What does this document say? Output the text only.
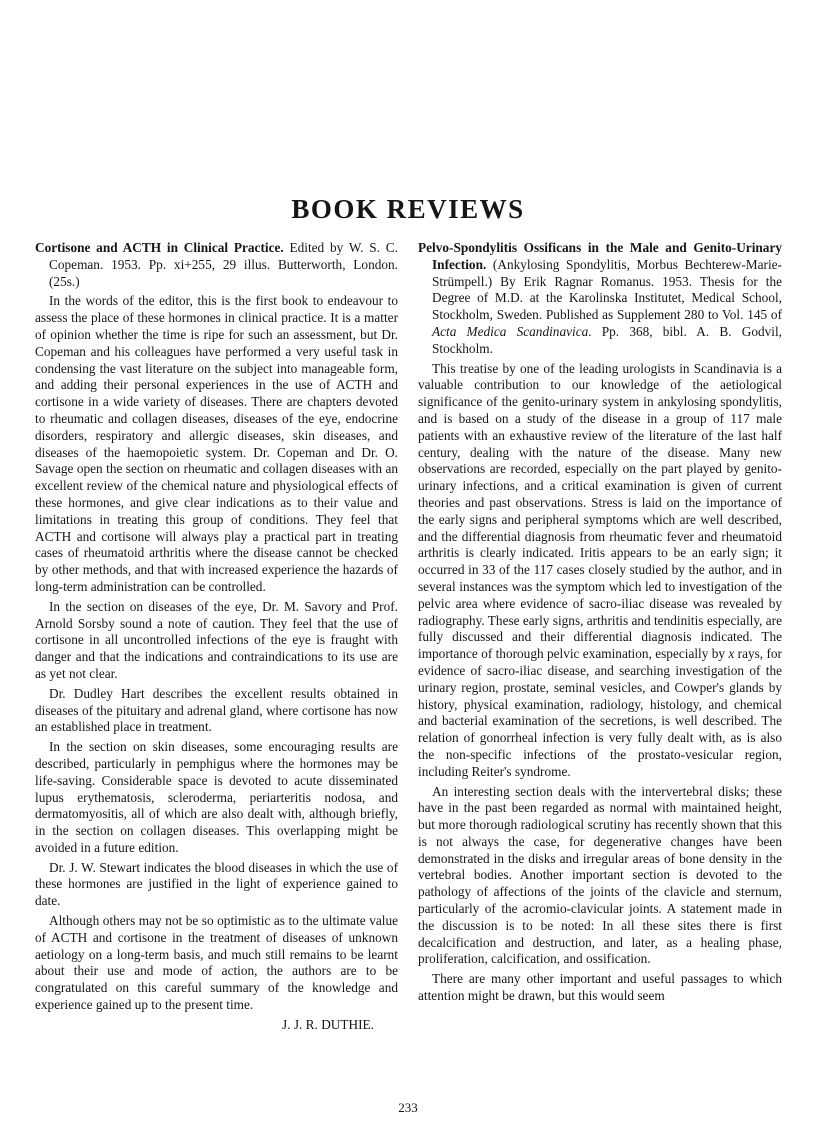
BOOK REVIEWS

Cortisone and ACTH in Clinical Practice. Edited by W. S. C. Copeman. 1953. Pp. xi+255, 29 illus. Butterworth, London. (25s.)

In the words of the editor, this is the first book to endeavour to assess the place of these hormones in clinical practice. It is a matter of opinion whether the time is ripe for such an assessment, but Dr. Copeman and his colleagues have performed a very useful task in condensing the vast literature on the subject into manageable form, and adding their personal experiences in the use of ACTH and cortisone in a wide variety of diseases. There are chapters devoted to rheumatic and collagen diseases, diseases of the eye, endocrine disorders, respiratory and allergic diseases, skin diseases, and diseases of the haemopoietic system. Dr. Copeman and Dr. O. Savage open the section on rheumatic and collagen diseases with an excellent review of the chemical nature and physiological effects of these hormones, and give clear indications as to their value and limitations in treating this group of conditions. They feel that ACTH and cortisone will always play a practical part in treating cases of rheumatoid arthritis where the disease cannot be checked by other methods, and that with increased experience the hazards of long-term administration can be controlled.

In the section on diseases of the eye, Dr. M. Savory and Prof. Arnold Sorsby sound a note of caution. They feel that the use of cortisone in all uncontrolled infections of the eye is fraught with danger and that the indications and contraindications to its use are as yet not clear.

Dr. Dudley Hart describes the excellent results obtained in diseases of the pituitary and adrenal gland, where cortisone has now an established place in treatment.

In the section on skin diseases, some encouraging results are described, particularly in pemphigus where the hormones may be life-saving. Considerable space is devoted to acute disseminated lupus erythematosis, scleroderma, periarteritis nodosa, and dermatomyositis, all of which are also dealt with, although briefly, in the section on collagen diseases. This overlapping might be avoided in a future edition.

Dr. J. W. Stewart indicates the blood diseases in which the use of these hormones are justified in the light of experience gained to date.

Although others may not be so optimistic as to the ultimate value of ACTH and cortisone in the treatment of diseases of unknown aetiology on a long-term basis, and much still remains to be learnt about their use and mode of action, the authors are to be congratulated on this careful summary of the knowledge and experience gained up to the present time.

J. J. R. DUTHIE.

Pelvo-Spondylitis Ossificans in the Male and Genito-Urinary Infection. (Ankylosing Spondylitis, Morbus Bechterew-Marie-Strümpell.) By Erik Ragnar Romanus. 1953. Thesis for the Degree of M.D. at the Karolinska Institutet, Medical School, Stockholm, Sweden. Published as Supplement 280 to Vol. 145 of Acta Medica Scandinavica. Pp. 368, bibl. A. B. Godvil, Stockholm.

This treatise by one of the leading urologists in Scandinavia is a valuable contribution to our knowledge of the aetiological significance of the genito-urinary system in ankylosing spondylitis, and is based on a study of the disease in a group of 117 male patients with an exhaustive review of the literature of the last half century, dealing with the nature of the disease. Many new observations are recorded, especially on the part played by genito-urinary infections, and a critical examination is given of current theories and past observations. Stress is laid on the importance of the early signs and peripheral symptoms which are well described, and the differential diagnosis from rheumatic fever and rheumatoid arthritis is clearly indicated. Iritis appears to be an early sign; it occurred in 33 of the 117 cases closely studied by the author, and in several instances was the symptom which led to investigation of the pelvic area where evidence of sacro-iliac disease was revealed by radiography. These early signs, arthritis and tendinitis especially, are fully discussed and their differential diagnosis indicated. The importance of thorough pelvic examination, especially by x rays, for evidence of sacro-iliac disease, and searching investigation of the urinary region, prostate, seminal vesicles, and Cowper's glands by history, physical examination, radiology, histology, and chemical and bacterial examination of the secretions, is well described. The relation of gonorrheal infection is very fully dealt with, as is also the non-specific infections of the prostato-vesicular region, including Reiter's syndrome.

An interesting section deals with the intervertebral disks; these have in the past been regarded as normal with maintained height, but more thorough radiological scrutiny has recently shown that this is not always the case, for degenerative changes have been demonstrated in the disks and irregular areas of bone density in the vertebral bodies. Another important section is devoted to the pathology of affections of the joints of the clavicle and sternum, particularly of the acromio-clavicular joints. A statement made in the discussion is to be noted: In all these sites there is first decalcification and destruction, and later, as a healing phase, proliferation, calcification, and ossification.

There are many other important and useful passages to which attention might be drawn, but this would seem

233
